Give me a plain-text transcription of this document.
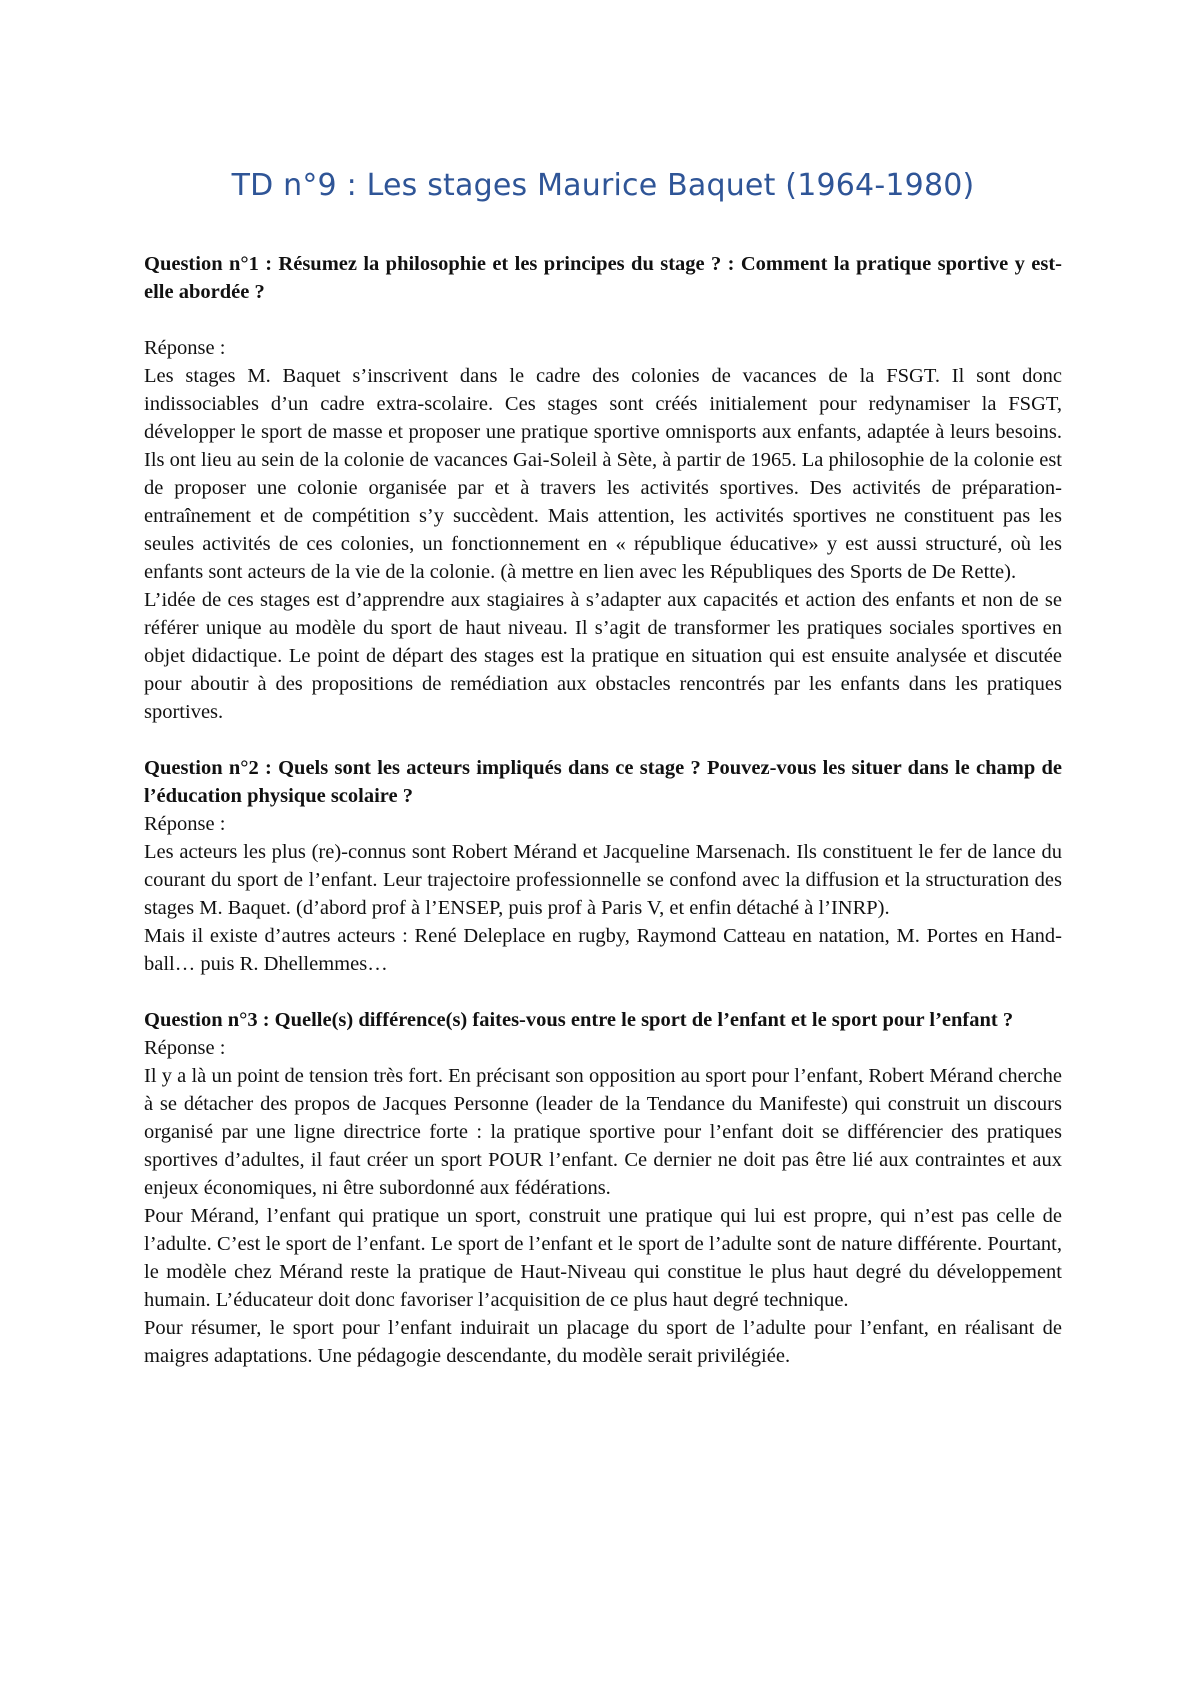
TD n°9 : Les stages Maurice Baquet (1964-1980)

Question n°1 : Résumez la philosophie et les principes du stage ? : Comment la pratique sportive y est-elle abordée ?

Réponse :

Les stages M. Baquet s’inscrivent dans le cadre des colonies de vacances de la FSGT. Il sont donc indissociables d’un cadre extra-scolaire. Ces stages sont créés initialement pour redynamiser la FSGT, développer le sport de masse et proposer une pratique sportive omnisports aux enfants, adaptée à leurs besoins. Ils ont lieu au sein de la colonie de vacances Gai-Soleil à Sète, à partir de 1965. La philosophie de la colonie est de proposer une colonie organisée par et à travers les activités sportives. Des activités de préparation-entraînement et de compétition s’y succèdent. Mais attention, les activités sportives ne constituent pas les seules activités de ces colonies, un fonctionnement en « république éducative» y est aussi structuré, où les enfants sont acteurs de la vie de la colonie. (à mettre en lien avec les Républiques des Sports de De Rette).

L’idée de ces stages est d’apprendre aux stagiaires à s’adapter aux capacités et action des enfants et non de se référer unique au modèle du sport de haut niveau. Il s’agit de transformer les pratiques sociales sportives en objet didactique. Le point de départ des stages est la pratique en situation qui est ensuite analysée et discutée pour aboutir à des propositions de remédiation aux obstacles rencontrés par les enfants dans les pratiques sportives.

Question n°2 : Quels sont les acteurs impliqués dans ce stage ? Pouvez-vous les situer dans le champ de l’éducation physique scolaire ?

Réponse :

Les acteurs les plus (re)-connus sont Robert Mérand et Jacqueline Marsenach. Ils constituent le fer de lance du courant du sport de l’enfant. Leur trajectoire professionnelle se confond avec la diffusion et la structuration des stages M. Baquet. (d’abord prof à l’ENSEP, puis prof à Paris V, et enfin détaché à l’INRP).

Mais il existe d’autres acteurs : René Deleplace en rugby, Raymond Catteau en natation, M. Portes en Hand-ball… puis R. Dhellemmes…

Question n°3 : Quelle(s) différence(s) faites-vous entre le sport de l’enfant et le sport pour l’enfant ?

Réponse :

Il y a là un point de tension très fort. En précisant son opposition au sport pour l’enfant, Robert Mérand cherche à se détacher des propos de Jacques Personne (leader de la Tendance du Manifeste) qui construit un discours organisé par une ligne directrice forte : la pratique sportive pour l’enfant doit se différencier des pratiques sportives d’adultes, il faut créer un sport POUR l’enfant. Ce dernier ne doit pas être lié aux contraintes et aux enjeux économiques, ni être subordonné aux fédérations.

Pour Mérand, l’enfant qui pratique un sport, construit une pratique qui lui est propre, qui n’est pas celle de l’adulte. C’est le sport de l’enfant. Le sport de l’enfant et le sport de l’adulte sont de nature différente. Pourtant, le modèle chez Mérand reste la pratique de Haut-Niveau qui constitue le plus haut degré du développement humain. L’éducateur doit donc favoriser l’acquisition de ce plus haut degré technique.

Pour résumer, le sport pour l’enfant induirait un placage du sport de l’adulte pour l’enfant, en réalisant de maigres adaptations. Une pédagogie descendante, du modèle serait privilégiée.
